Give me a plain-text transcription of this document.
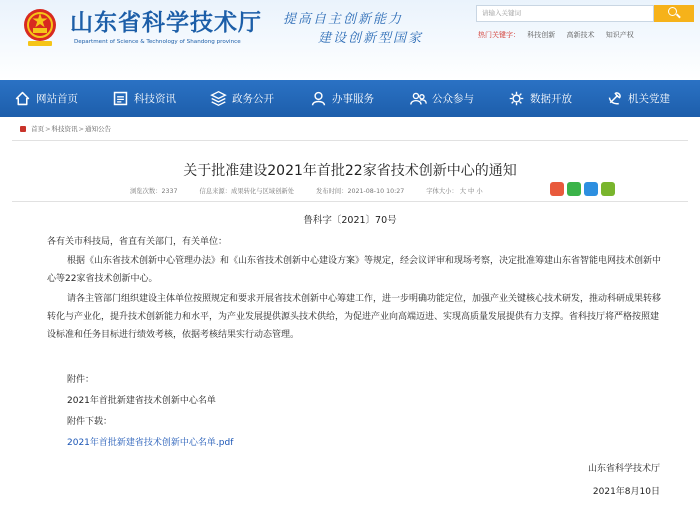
山东省科学技术厅
Department of Science & Technology of Shandong province
提高自主创新能力
建设创新型国家
请输入关键词
热门关键字： 科技创新 高新技术 知识产权
网站首页	科技资讯	政务公开	办事服务	公众参与	数据开放	机关党建
首页>科技资讯>通知公告
关于批准建设2021年首批22家省技术创新中心的通知
浏览次数：2337	信息来源：成果转化与区域创新处	发布时间：2021-08-10 10:27	字体大小： 大 中 小
鲁科字〔2021〕70号
各有关市科技局，省直有关部门，有关单位：
根据《山东省技术创新中心管理办法》和《山东省技术创新中心建设方案》等规定，经会议评审和现场考察，决定批准筹建山东省智能电网技术创新中心等22家省技术创新中心。
请各主管部门组织建设主体单位按照规定和要求开展省技术创新中心筹建工作，进一步明确功能定位，加强产业关键核心技术研发，推动科研成果转移转化与产业化，提升技术创新能力和水平，为产业发展提供源头技术供给，为促进产业向高端迈进、实现高质量发展提供有力支撑。省科技厅将严格按照建设标准和任务目标进行绩效考核，依据考核结果实行动态管理。
附件：
2021年首批新建省技术创新中心名单
附件下载：
2021年首批新建省技术创新中心名单.pdf
山东省科学技术厅
2021年8月10日
